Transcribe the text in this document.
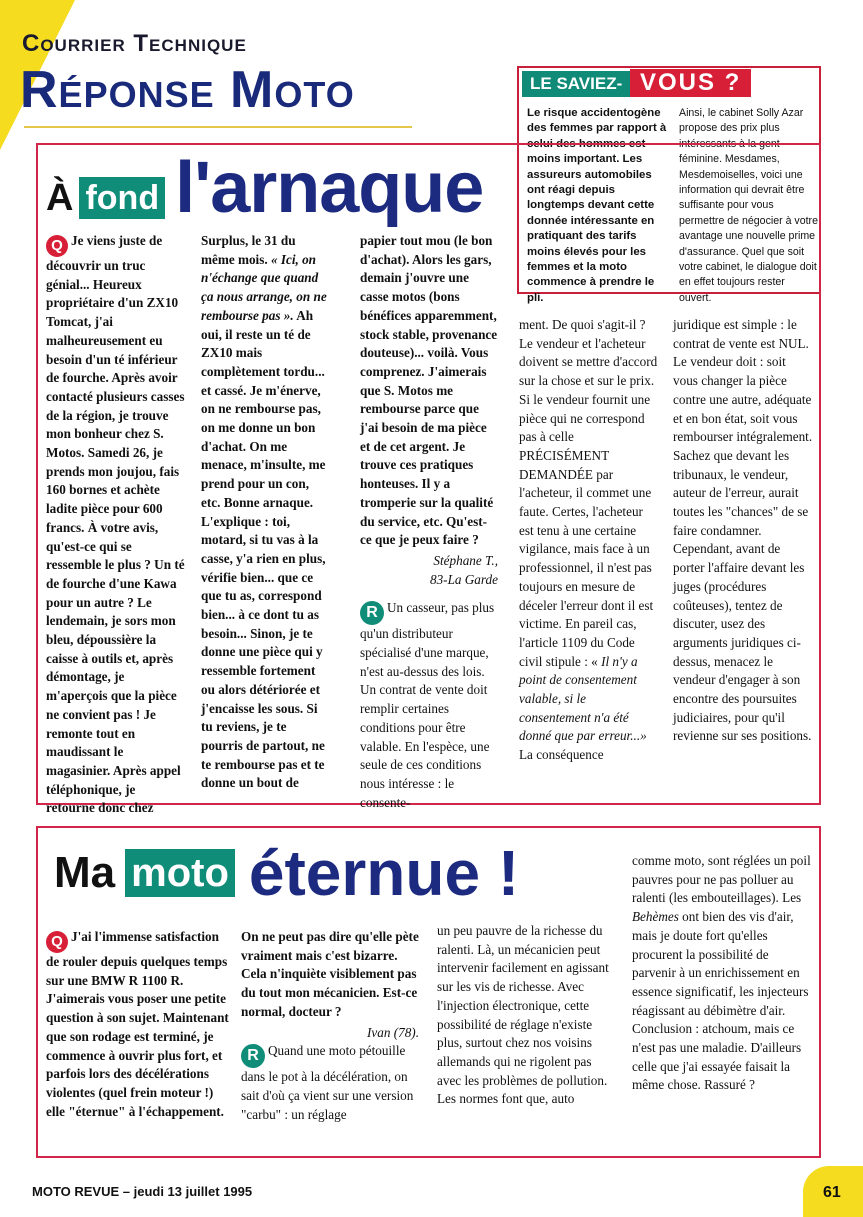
Courrier Technique
Réponse Moto	LE SAVIEZ- VOUS ?
Le risque accidentogène des femmes par rapport à celui des hommes est moins important. Les assureurs automobiles ont réagi depuis longtemps devant cette donnée intéressante en pratiquant des tarifs moins élevés pour les femmes et la moto commence à prendre le pli.
Ainsi, le cabinet Solly Azar propose des prix plus intéressants à la gent féminine. Mesdames, Mesdemoiselles, voici une information qui devrait être suffisante pour vous permettre de négocier à votre avantage une nouvelle prime d'assurance. Quel que soit votre cabinet, le dialogue doit en effet toujours rester ouvert.
À fond l'arnaque
Q Je viens juste de découvrir un truc génial... Heureux propriétaire d'un ZX10 Tomcat, j'ai malheureusement eu besoin d'un té inférieur de fourche. Après avoir contacté plusieurs casses de la région, je trouve mon bonheur chez S. Motos. Samedi 26, je prends mon joujou, fais 160 bornes et achète ladite pièce pour 600 francs. À votre avis, qu'est-ce qui se ressemble le plus ? Un té de fourche d'une Kawa pour un autre ? Le lendemain, je sors mon bleu, dépoussière la caisse à outils et, après démontage, je m'aperçois que la pièce ne convient pas ! Je remonte tout en maudissant le magasinier. Après appel téléphonique, je retourne donc chez
Surplus, le 31 du même mois. « Ici, on n'échange que quand ça nous arrange, on ne rembourse pas ». Ah oui, il reste un té de ZX10 mais complètement tordu... et cassé. Je m'énerve, on ne rembourse pas, on me donne un bon d'achat. On me menace, m'insulte, me prend pour un con, etc. Bonne arnaque. L'explique : toi, motard, si tu vas à la casse, y'a rien en plus, vérifie bien... que ce que tu as, correspond bien... à ce dont tu as besoin... Sinon, je te donne une pièce qui y ressemble fortement ou alors détériorée et j'encaisse les sous. Si tu reviens, je te pourris de partout, ne te rembourse pas et te donne un bout de
papier tout mou (le bon d'achat). Alors les gars, demain j'ouvre une casse motos (bons bénéfices apparemment, stock stable, provenance douteuse)... voilà. Vous comprenez. J'aimerais que S. Motos me rembourse parce que j'ai besoin de ma pièce et de cet argent. Je trouve ces pratiques honteuses. Il y a tromperie sur la qualité du service, etc. Qu'est-ce que je peux faire ?
Stéphane T.,
83-La Garde
R Un casseur, pas plus qu'un distributeur spécialisé d'une marque, n'est au-dessus des lois. Un contrat de vente doit remplir certaines conditions pour être valable. En l'espèce, une seule de ces conditions nous intéresse : le consente-
ment. De quoi s'agit-il ? Le vendeur et l'acheteur doivent se mettre d'accord sur la chose et sur le prix. Si le vendeur fournit une pièce qui ne correspond pas à celle PRÉCISÉMENT DEMANDÉE par l'acheteur, il commet une faute. Certes, l'acheteur est tenu à une certaine vigilance, mais face à un professionnel, il n'est pas toujours en mesure de déceler l'erreur dont il est victime. En pareil cas, l'article 1109 du Code civil stipule : « Il n'y a point de consentement valable, si le consentement n'a été donné que par erreur...» La conséquence
juridique est simple : le contrat de vente est NUL. Le vendeur doit : soit vous changer la pièce contre une autre, adéquate et en bon état, soit vous rembourser intégralement. Sachez que devant les tribunaux, le vendeur, auteur de l'erreur, aurait toutes les "chances" de se faire condamner. Cependant, avant de porter l'affaire devant les juges (procédures coûteuses), tentez de discuter, usez des arguments juridiques ci-dessus, menacez le vendeur d'engager à son encontre des poursuites judiciaires, pour qu'il revienne sur ses positions.
Ma moto éternue !
Q J'ai l'immense satisfaction de rouler depuis quelques temps sur une BMW R 1100 R. J'aimerais vous poser une petite question à son sujet. Maintenant que son rodage est terminé, je commence à ouvrir plus fort, et parfois lors des décélérations violentes (quel frein moteur !) elle "éternue" à l'échappement.
On ne peut pas dire qu'elle pète vraiment mais c'est bizarre. Cela n'inquiète visiblement pas du tout mon mécanicien. Est-ce normal, docteur ?
Ivan (78).
R Quand une moto pétouille dans le pot à la décélération, on sait d'où ça vient sur une version "carbu" : un réglage
un peu pauvre de la richesse du ralenti. Là, un mécanicien peut intervenir facilement en agissant sur les vis de richesse. Avec l'injection électronique, cette possibilité de réglage n'existe plus, surtout chez nos voisins allemands qui ne rigolent pas avec les problèmes de pollution. Les normes font que, auto
comme moto, sont réglées un poil pauvres pour ne pas polluer au ralenti (les embouteillages). Les Behèmes ont bien des vis d'air, mais je doute fort qu'elles procurent la possibilité de parvenir à un enrichissement en essence significatif, les injecteurs réagissant au débimètre d'air. Conclusion : atchoum, mais ce n'est pas une maladie. D'ailleurs celle que j'ai essayée faisait la même chose. Rassuré ?
MOTO REVUE – jeudi 13 juillet 1995	61
